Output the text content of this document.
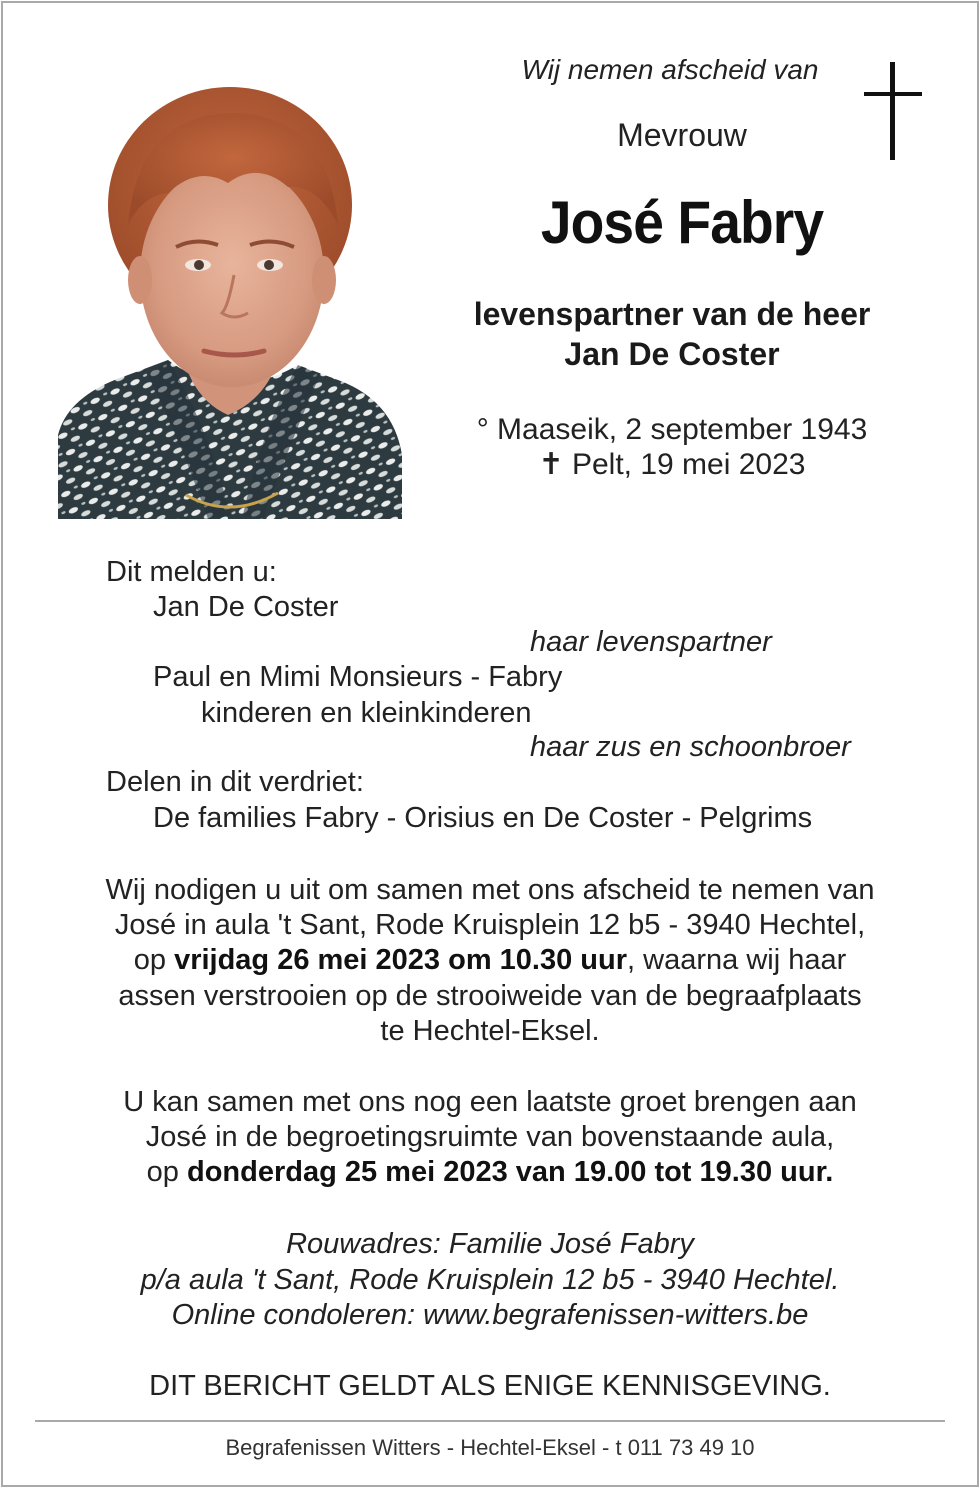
Wij nemen afscheid van
Mevrouw
José Fabry
levenspartner van de heer
Jan De Coster
° Maaseik, 2 september 1943
✝ Pelt, 19 mei 2023
Dit melden u:
Jan De Coster
haar levenspartner
Paul en Mimi Monsieurs - Fabry
kinderen en kleinkinderen
haar zus en schoonbroer
Delen in dit verdriet:
De families Fabry - Orisius en De Coster - Pelgrims
Wij nodigen u uit om samen met ons afscheid te nemen van
José in aula 't Sant, Rode Kruisplein 12 b5 - 3940 Hechtel,
op vrijdag 26 mei 2023 om 10.30 uur, waarna wij haar
assen verstrooien op de strooiweide van de begraafplaats
te Hechtel-Eksel.
U kan samen met ons nog een laatste groet brengen aan
José in de begroetingsruimte van bovenstaande aula,
op donderdag 25 mei 2023 van 19.00 tot 19.30 uur.
Rouwadres: Familie José Fabry
p/a aula 't Sant, Rode Kruisplein 12 b5 - 3940 Hechtel.
Online condoleren: www.begrafenissen-witters.be
DIT BERICHT GELDT ALS ENIGE KENNISGEVING.
Begrafenissen Witters - Hechtel-Eksel - t 011 73 49 10
